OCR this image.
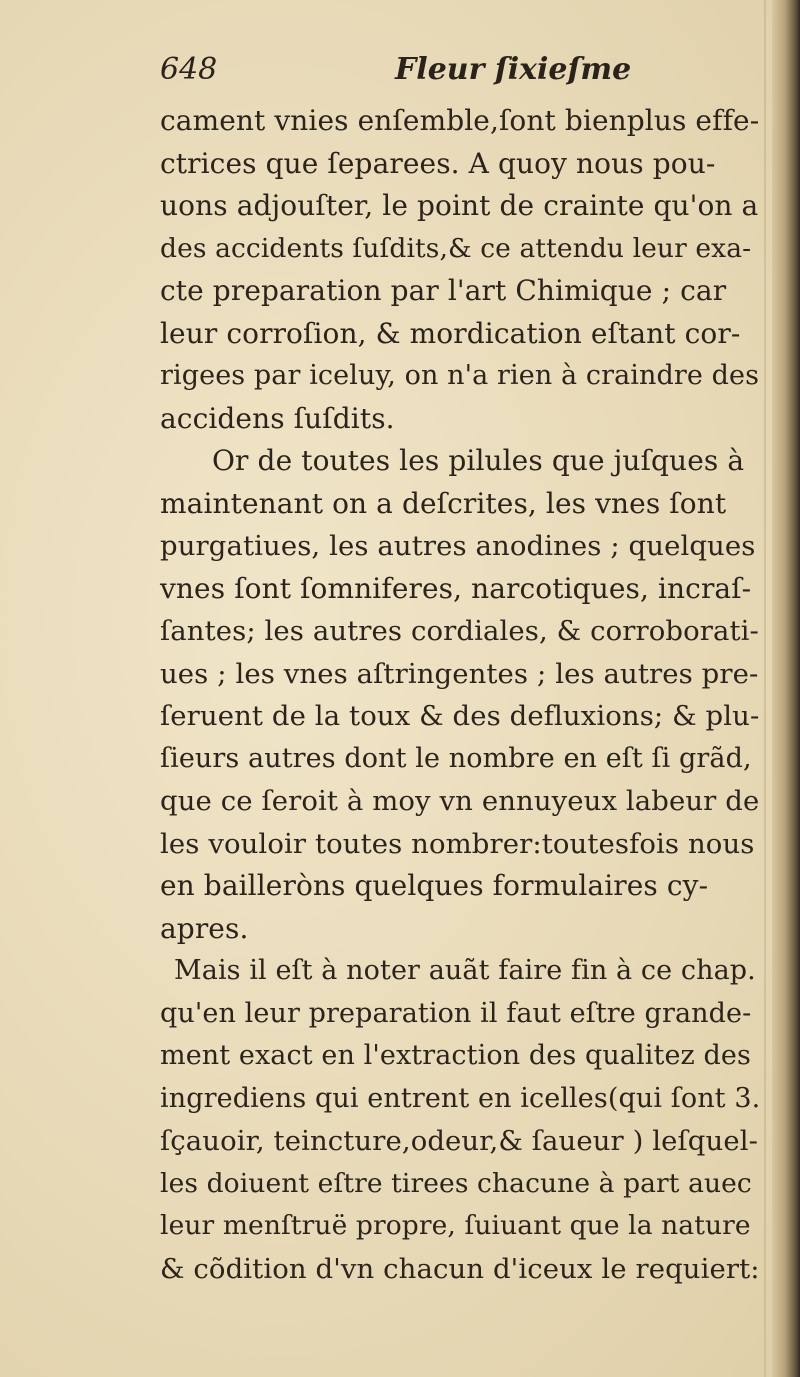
648	Fleur ſixieſme
cament vnies enſemble,ſont bienplus effe-
ctrices que ſeparees. A quoy nous pou-
uons adjouſter, le point de crainte qu'on a
des accidents ſuſdits,& ce attendu leur exa-
cte preparation par l'art Chimique ; car
leur corroſion, & mordication eſtant cor-
rigees par iceluy, on n'a rien à craindre des
accidens ſuſdits.
Or de toutes les pilules que juſques à
maintenant on a deſcrites, les vnes ſont
purgatiues, les autres anodines ; quelques
vnes ſont ſomniferes, narcotiques, incraſ-
ſantes; les autres cordiales, & corroborati-
ues ; les vnes aſtringentes ; les autres pre-
ſeruent de la toux & des defluxions; & plu-
ſieurs autres dont le nombre en eſt ſi grãd,
que ce ſeroit à moy vn ennuyeux labeur de
les vouloir toutes nombrer:toutesfois nous
en bailleròns quelques formulaires cy-
apres.
Mais il eſt à noter auãt faire fin à ce chap.
qu'en leur preparation il faut eſtre grande-
ment exact en l'extraction des qualitez des
ingrediens qui entrent en icelles(qui ſont 3.
ſçauoir, teincture,odeur,& ſaueur ) leſquel-
les doiuent eſtre tirees chacune à part auec
leur menſtruë propre, ſuiuant que la nature
& cõdition d'vn chacun d'iceux le requiert:
